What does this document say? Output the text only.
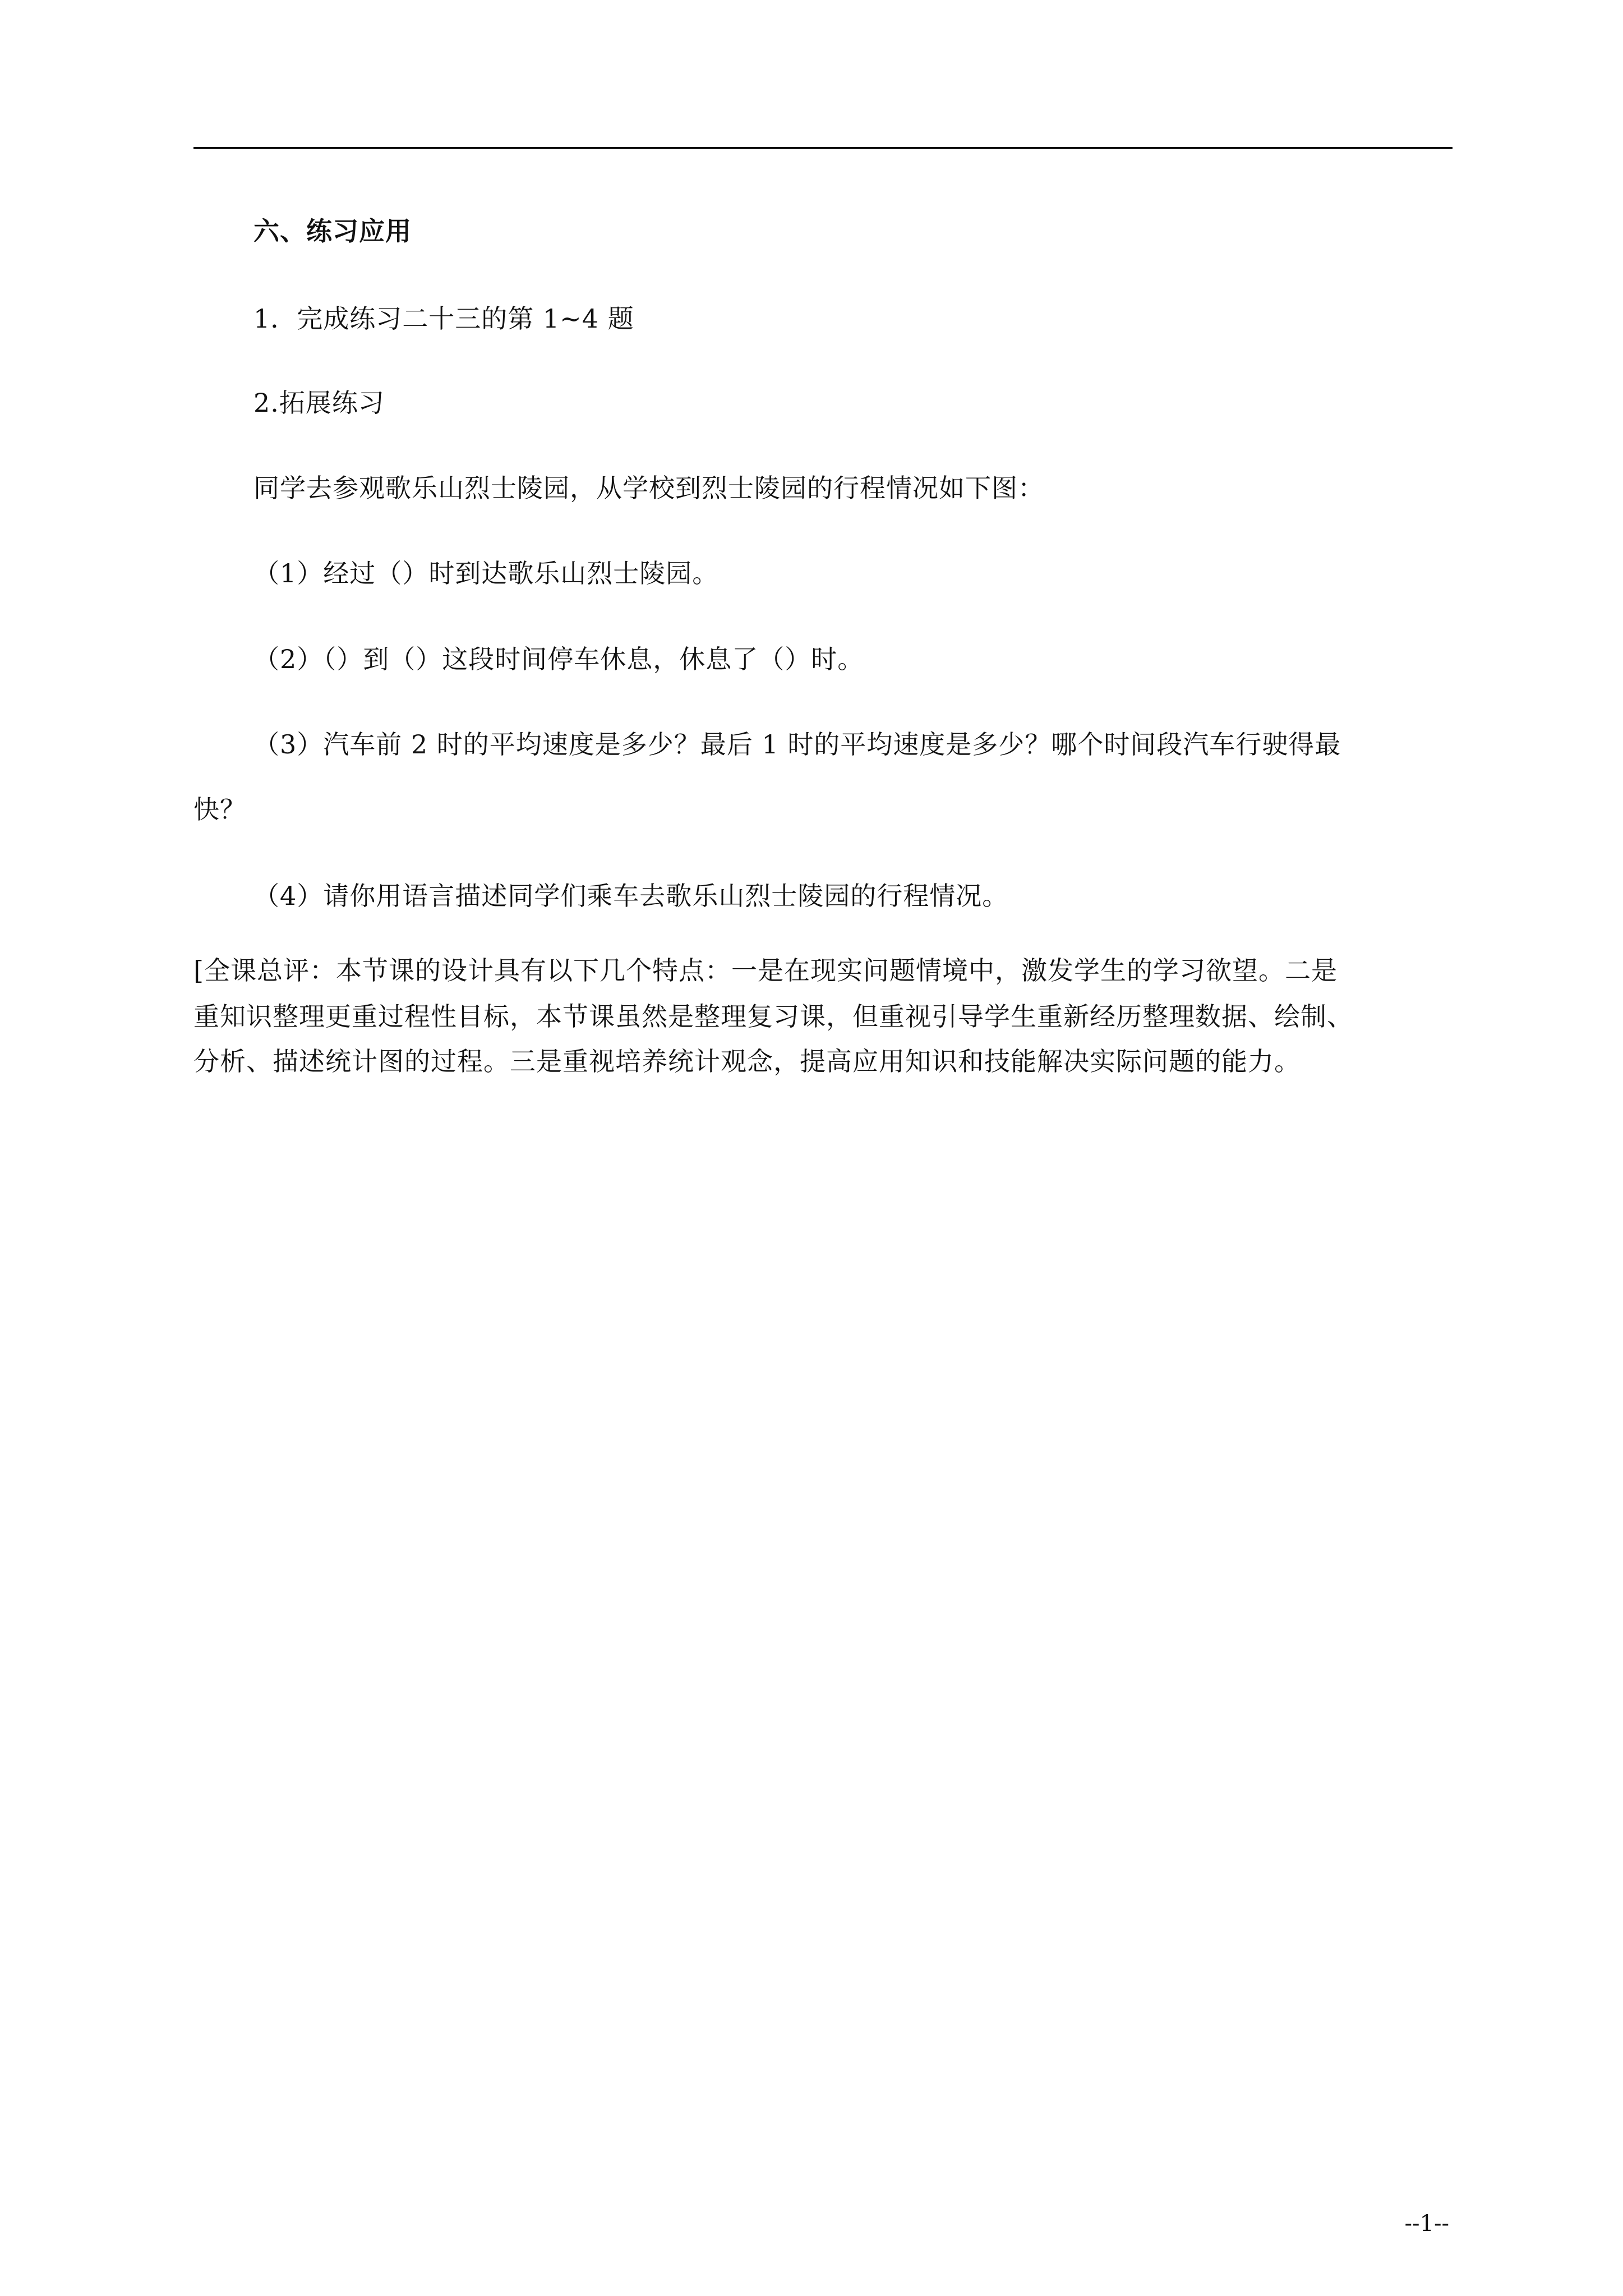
六、练习应用
1．完成练习二十三的第 1~4 题
2.拓展练习
同学去参观歌乐山烈士陵园，从学校到烈士陵园的行程情况如下图：
（1）经过（）时到达歌乐山烈士陵园。
（2）（）到（）这段时间停车休息，休息了（）时。
（3）汽车前 2 时的平均速度是多少？最后 1 时的平均速度是多少？哪个时间段汽车行驶得最
快？
（4）请你用语言描述同学们乘车去歌乐山烈士陵园的行程情况。
[全课总评：本节课的设计具有以下几个特点：一是在现实问题情境中，激发学生的学习欲望。二是
重知识整理更重过程性目标，本节课虽然是整理复习课，但重视引导学生重新经历整理数据、绘制、
分析、描述统计图的过程。三是重视培养统计观念，提高应用知识和技能解决实际问题的能力。
--1--
